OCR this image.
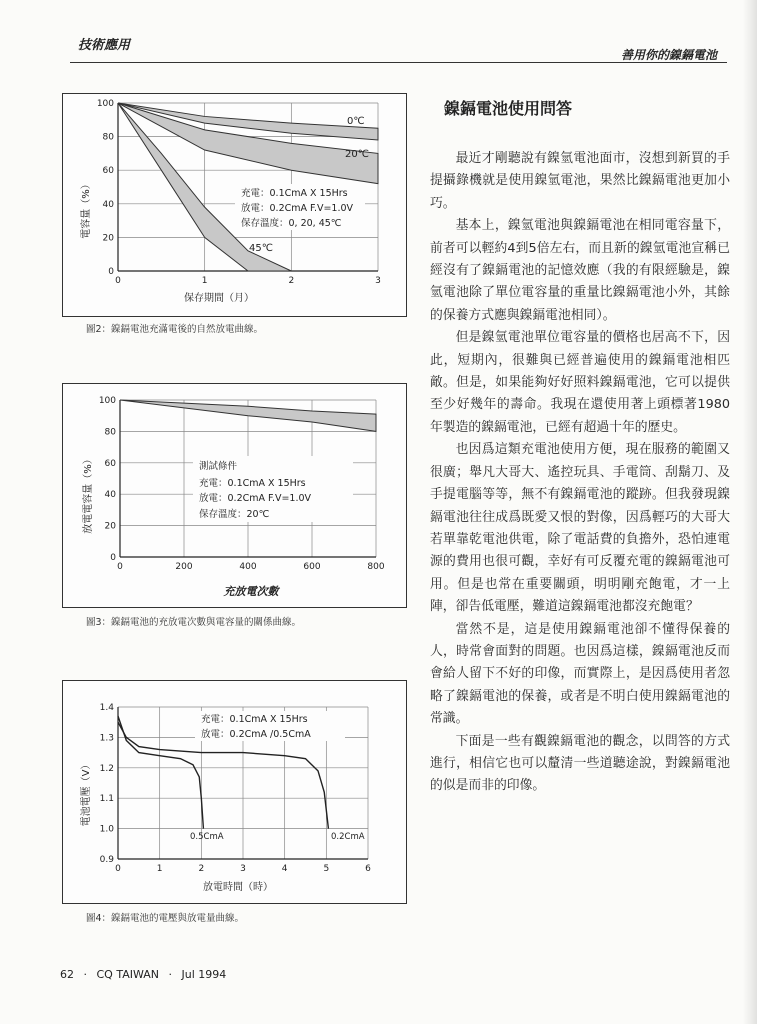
技術應用
善用你的鎳鎘電池
0
20
40
60
80
100
0	1	2	3
電容量（%）
保存期間（月）
充電：0.1CmA X 15Hrs
放電：0.2CmA F.V=1.0V
保存溫度：0, 20, 45℃
0℃
20℃
45℃
圖2：鎳鎘電池充滿電後的自然放電曲線。
0
20
40
60
80
100
0	200	400	600	800
放電電容量（%）
充放電次數
測試條件
充電：0.1CmA X 15Hrs
放電：0.2CmA F.V=1.0V
保存溫度：20℃
圖3：鎳鎘電池的充放電次數與電容量的關係曲線。
0.9
1.0
1.1
1.2
1.3
1.4
0	1	2	3	4	5	6
電池電壓（V）
放電時間（時）
充電：0.1CmA X 15Hrs
放電：0.2CmA /0.5CmA
0.5CmA	0.2CmA
圖4：鎳鎘電池的電壓與放電量曲線。
鎳鎘電池使用問答

最近才剛聽說有鎳氫電池面市，沒想到新買的手提攝錄機就是使用鎳氫電池，果然比鎳鎘電池更加小巧。

基本上，鎳氫電池與鎳鎘電池在相同電容量下，前者可以輕約4到5倍左右，而且新的鎳氫電池宣稱已經沒有了鎳鎘電池的記憶效應（我的有限經驗是，鎳氫電池除了單位電容量的重量比鎳鎘電池小外，其餘的保養方式應與鎳鎘電池相同）。

但是鎳氫電池單位電容量的價格也居高不下，因此，短期內，很難與已經普遍使用的鎳鎘電池相匹敵。但是，如果能夠好好照料鎳鎘電池，它可以提供至少好幾年的壽命。我現在還使用著上頭標著1980年製造的鎳鎘電池，已經有超過十年的歷史。

也因爲這類充電池使用方便，現在服務的範圍又很廣；舉凡大哥大、遙控玩具、手電筒、刮鬍刀、及手提電腦等等，無不有鎳鎘電池的蹤跡。但我發現鎳鎘電池往往成爲既愛又恨的對像，因爲輕巧的大哥大若單靠乾電池供電，除了電話費的負擔外，恐怕連電源的費用也很可觀，幸好有可反覆充電的鎳鎘電池可用。但是也常在重要關頭，明明剛充飽電，才一上陣，卻告低電壓，難道這鎳鎘電池都沒充飽電？

當然不是，這是使用鎳鎘電池卻不懂得保養的人，時常會面對的問題。也因爲這樣，鎳鎘電池反而會給人留下不好的印像，而實際上，是因爲使用者忽略了鎳鎘電池的保養，或者是不明白使用鎳鎘電池的常識。

下面是一些有觀鎳鎘電池的觀念，以問答的方式進行，相信它也可以釐清一些道聽途說，對鎳鎘電池的似是而非的印像。

62 · CQ TAIWAN · Jul 1994
